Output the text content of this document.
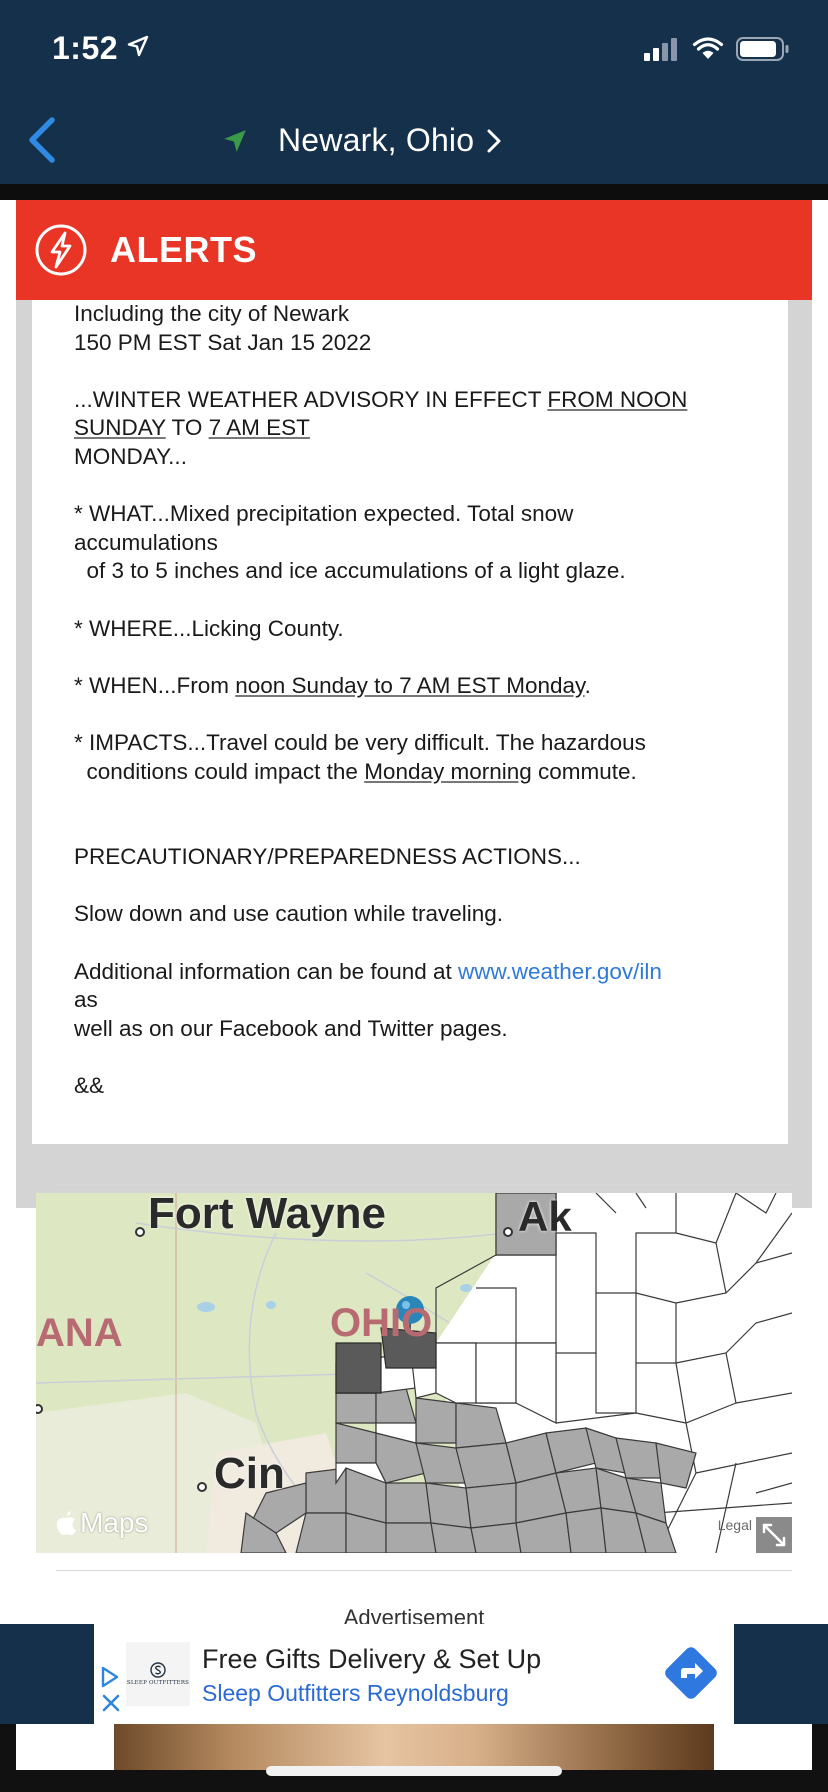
1:52
Newark, Ohio
ALERTS

Including the city of Newark

150 PM EST Sat Jan 15 2022

...WINTER WEATHER ADVISORY IN EFFECT FROM NOON

SUNDAY TO 7 AM EST

MONDAY...

* WHAT...Mixed precipitation expected. Total snow

accumulations

of 3 to 5 inches and ice accumulations of a light glaze.

* WHERE...Licking County.

* WHEN...From noon Sunday to 7 AM EST Monday.

* IMPACTS...Travel could be very difficult. The hazardous

conditions could impact the Monday morning commute.

PRECAUTIONARY/PREPAREDNESS ACTIONS...

Slow down and use caution while traveling.

Additional information can be found at www.weather.gov/iln

as

well as on our Facebook and Twitter pages.

&&

Fort Wayne	Ak
ANA	OHIO
Cin
Maps	Legal
Advertisement
SLEEP OUTFITTERS
Free Gifts Delivery & Set Up
Sleep Outfitters Reynoldsburg
